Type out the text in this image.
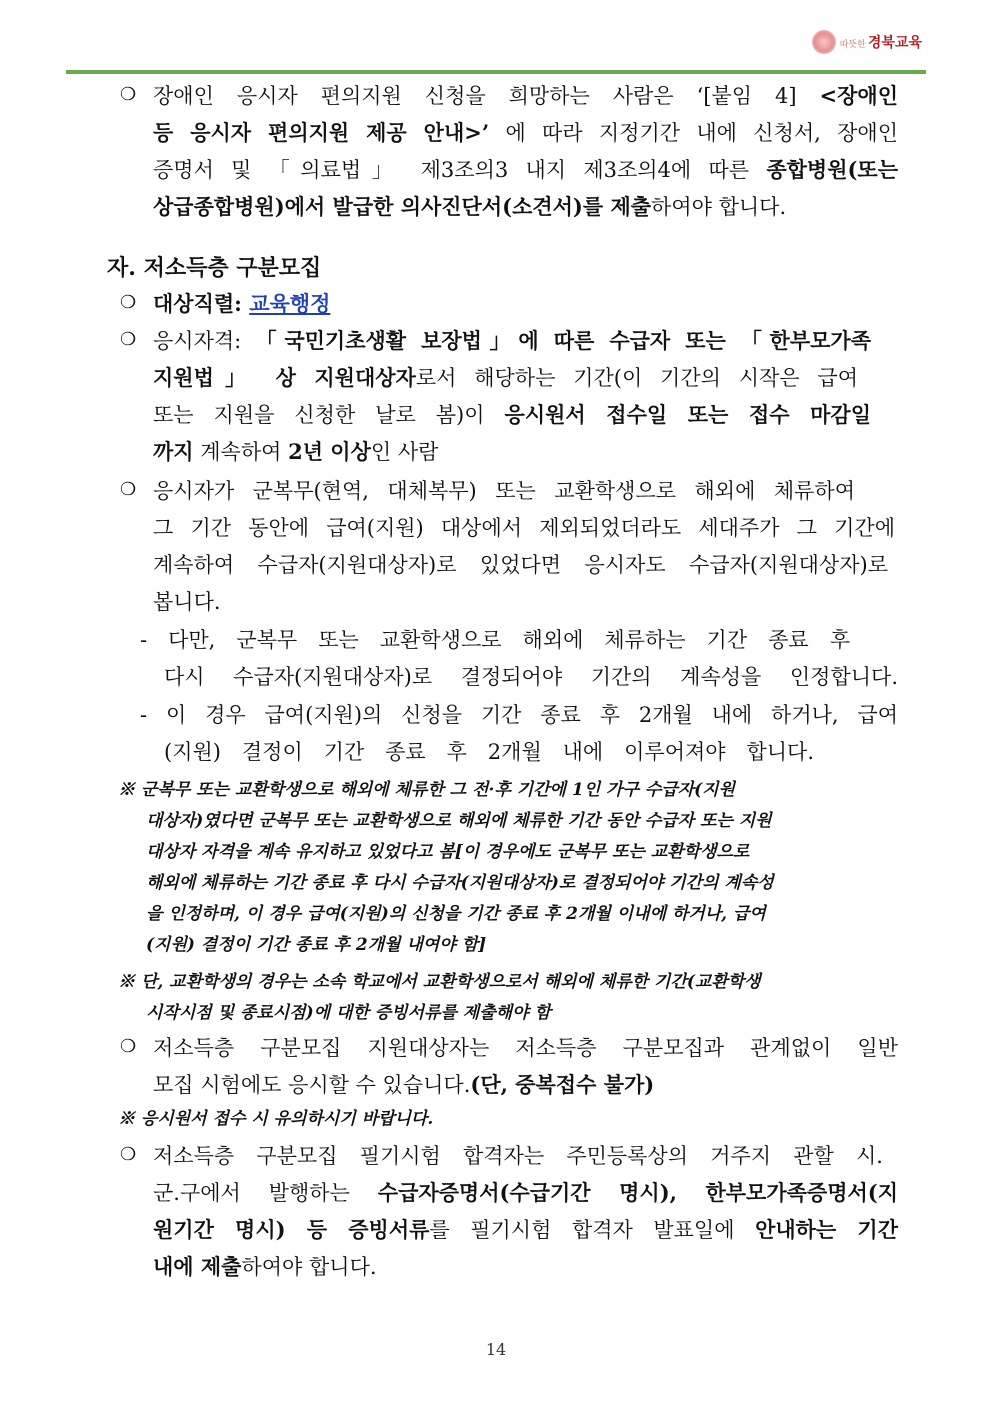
따뜻한 경북교육
❍ 장애인 응시자 편의지원 신청을 희망하는 사람은 ‘[붙임 4] <장애인
등 응시자 편의지원 제공 안내>’ 에 따라 지정기간 내에 신청서, 장애인
증명서 및 「의료법」 제3조의3 내지 제3조의4에 따른 종합병원(또는
상급종합병원)에서 발급한 의사진단서(소견서)를 제출하여야 합니다.
자. 저소득층 구분모집
❍ 대상직렬: 교육행정
❍ 응시자격: 「국민기초생활 보장법」에 따른 수급자 또는 「한부모가족
지원법」 상 지원대상자로서 해당하는 기간(이 기간의 시작은 급여
또는 지원을 신청한 날로 봄)이 응시원서 접수일 또는 접수 마감일
까지 계속하여 2년 이상인 사람
❍ 응시자가 군복무(현역, 대체복무) 또는 교환학생으로 해외에 체류하여
그 기간 동안에 급여(지원) 대상에서 제외되었더라도 세대주가 그 기간에
계속하여 수급자(지원대상자)로 있었다면 응시자도 수급자(지원대상자)로
봅니다.
- 다만, 군복무 또는 교환학생으로 해외에 체류하는 기간 종료 후
다시 수급자(지원대상자)로 결정되어야 기간의 계속성을 인정합니다.
- 이 경우 급여(지원)의 신청을 기간 종료 후 2개월 내에 하거나, 급여
(지원) 결정이 기간 종료 후 2개월 내에 이루어져야 합니다.
※ 군복무 또는 교환학생으로 해외에 체류한 그 전·후 기간에 1인 가구 수급자(지원
대상자)였다면 군복무 또는 교환학생으로 해외에 체류한 기간 동안 수급자 또는 지원
대상자 자격을 계속 유지하고 있었다고 봄[이 경우에도 군복무 또는 교환학생으로
해외에 체류하는 기간 종료 후 다시 수급자(지원대상자)로 결정되어야 기간의 계속성
을 인정하며, 이 경우 급여(지원)의 신청을 기간 종료 후 2개월 이내에 하거나, 급여
(지원) 결정이 기간 종료 후 2개월 내여야 함]
※ 단, 교환학생의 경우는 소속 학교에서 교환학생으로서 해외에 체류한 기간(교환학생
시작시점 및 종료시점)에 대한 증빙서류를 제출해야 함
❍ 저소득층 구분모집 지원대상자는 저소득층 구분모집과 관계없이 일반
모집 시험에도 응시할 수 있습니다.(단, 중복접수 불가)
※ 응시원서 접수 시 유의하시기 바랍니다.
❍ 저소득층 구분모집 필기시험 합격자는 주민등록상의 거주지 관할 시.
군.구에서 발행하는 수급자증명서(수급기간 명시), 한부모가족증명서(지
원기간 명시) 등 증빙서류를 필기시험 합격자 발표일에 안내하는 기간
내에 제출하여야 합니다.
14
